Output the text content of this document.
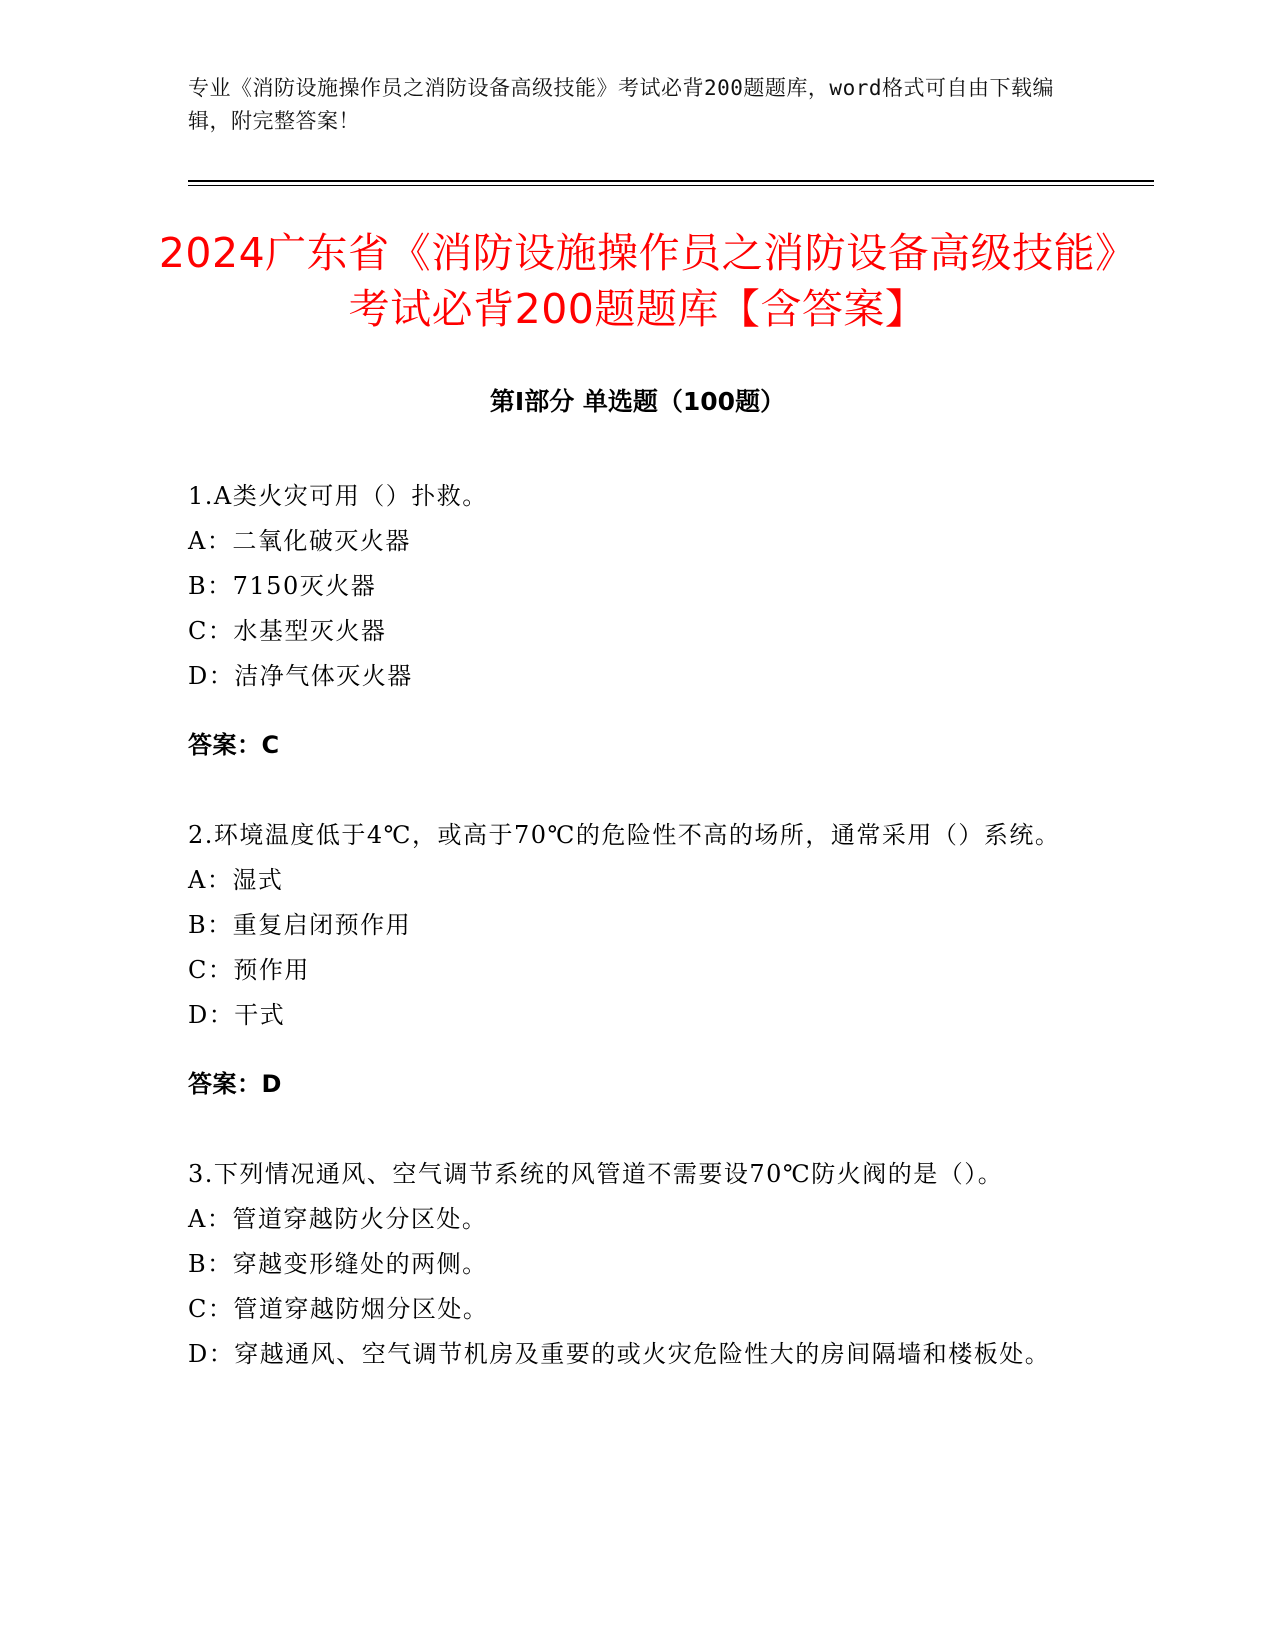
专业《消防设施操作员之消防设备高级技能》考试必背200题题库，word格式可自由下载编辑，附完整答案！
2024广东省《消防设施操作员之消防设备高级技能》考试必背200题题库【含答案】
第Ⅰ部分 单选题（100题）

1.A类火灾可用（）扑救。

A：二氧化破灭火器

B：7150灭火器

C：水基型灭火器

D：洁净气体灭火器

答案：C

2.环境温度低于4℃，或高于70℃的危险性不高的场所，通常采用（）系统。

A：湿式

B：重复启闭预作用

C：预作用

D：干式

答案：D

3.下列情况通风、空气调节系统的风管道不需要设70℃防火阀的是（）。

A：管道穿越防火分区处。

B：穿越变形缝处的两侧。

C：管道穿越防烟分区处。

D：穿越通风、空气调节机房及重要的或火灾危险性大的房间隔墙和楼板处。
